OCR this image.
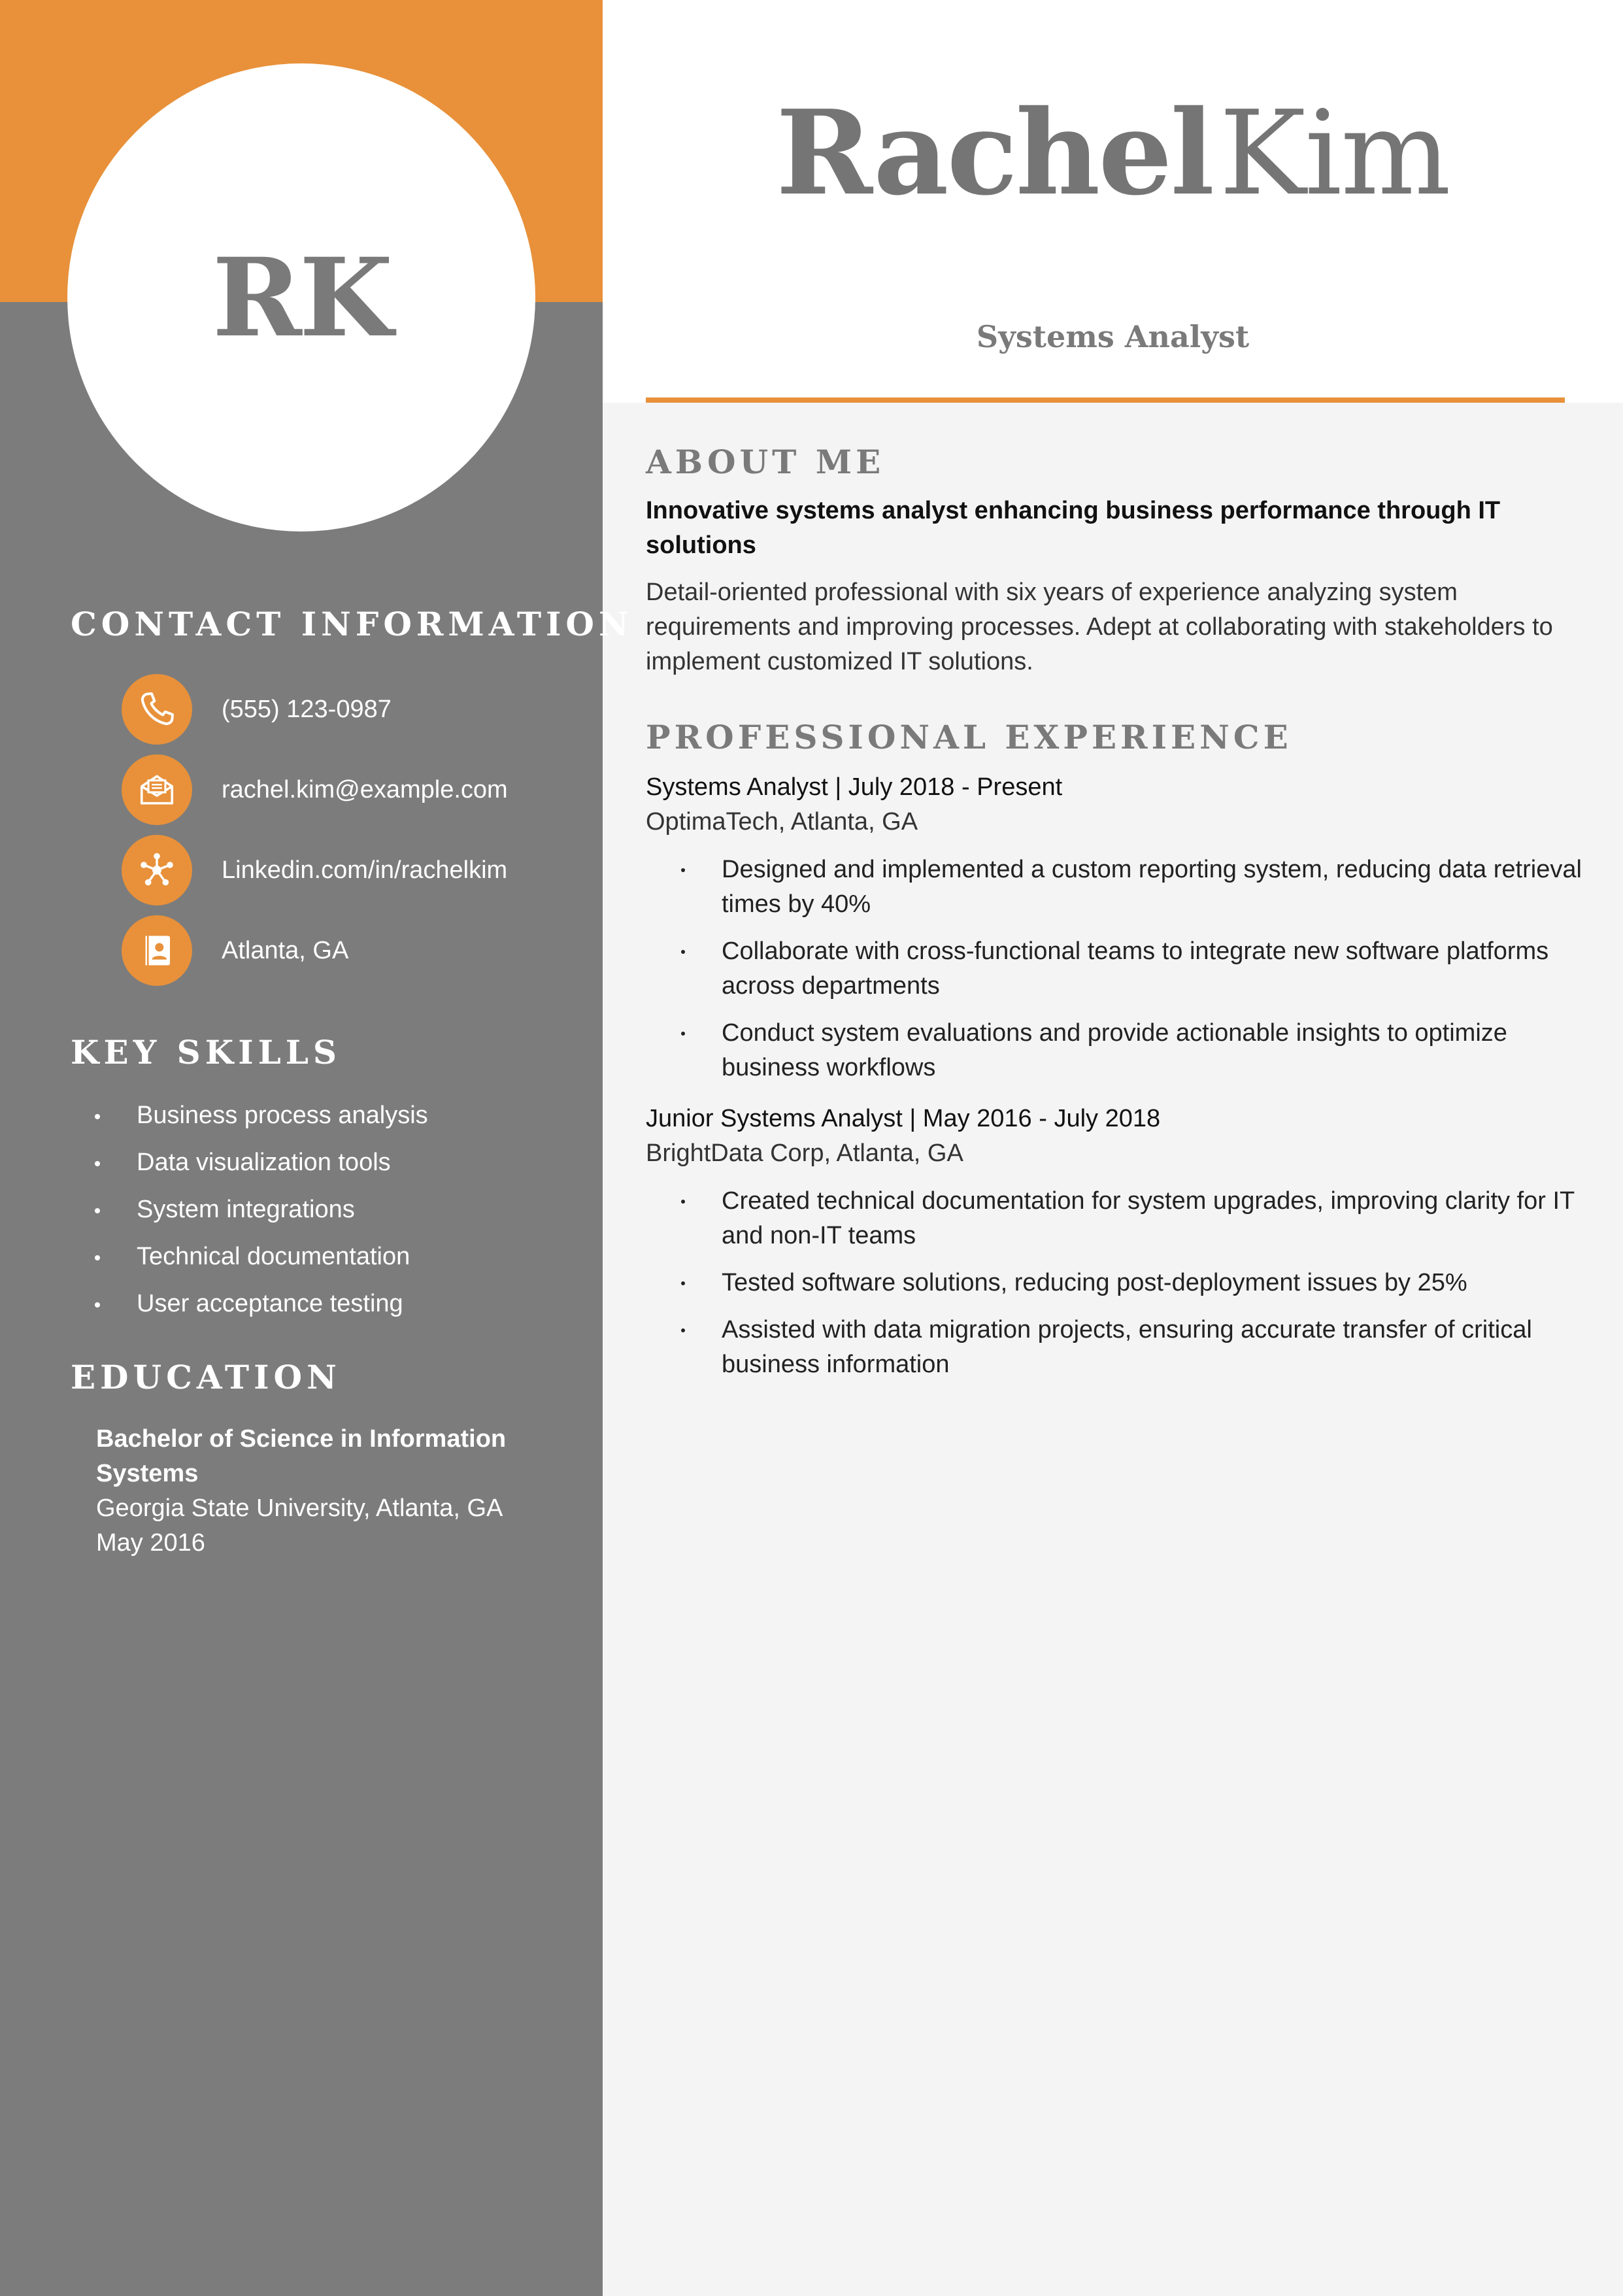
RK
CONTACT INFORMATION
(555) 123-0987
rachel.kim@example.com
Linkedin.com/in/rachelkim
Atlanta, GA
KEY SKILLS
Business process analysis
Data visualization tools
System integrations
Technical documentation
User acceptance testing
EDUCATION
Bachelor of Science in Information Systems
Georgia State University, Atlanta, GA
May 2016
RachelKim
Systems Analyst
ABOUT ME
Innovative systems analyst enhancing business performance through IT solutions
Detail-oriented professional with six years of experience analyzing system requirements and improving processes. Adept at collaborating with stakeholders to implement customized IT solutions.
PROFESSIONAL EXPERIENCE
Systems Analyst | July 2018 - Present
OptimaTech, Atlanta, GA
Designed and implemented a custom reporting system, reducing data retrieval times by 40%
Collaborate with cross-functional teams to integrate new software platforms across departments
Conduct system evaluations and provide actionable insights to optimize business workflows
Junior Systems Analyst | May 2016 - July 2018
BrightData Corp, Atlanta, GA
Created technical documentation for system upgrades, improving clarity for IT and non-IT teams
Tested software solutions, reducing post-deployment issues by 25%
Assisted with data migration projects, ensuring accurate transfer of critical business information
